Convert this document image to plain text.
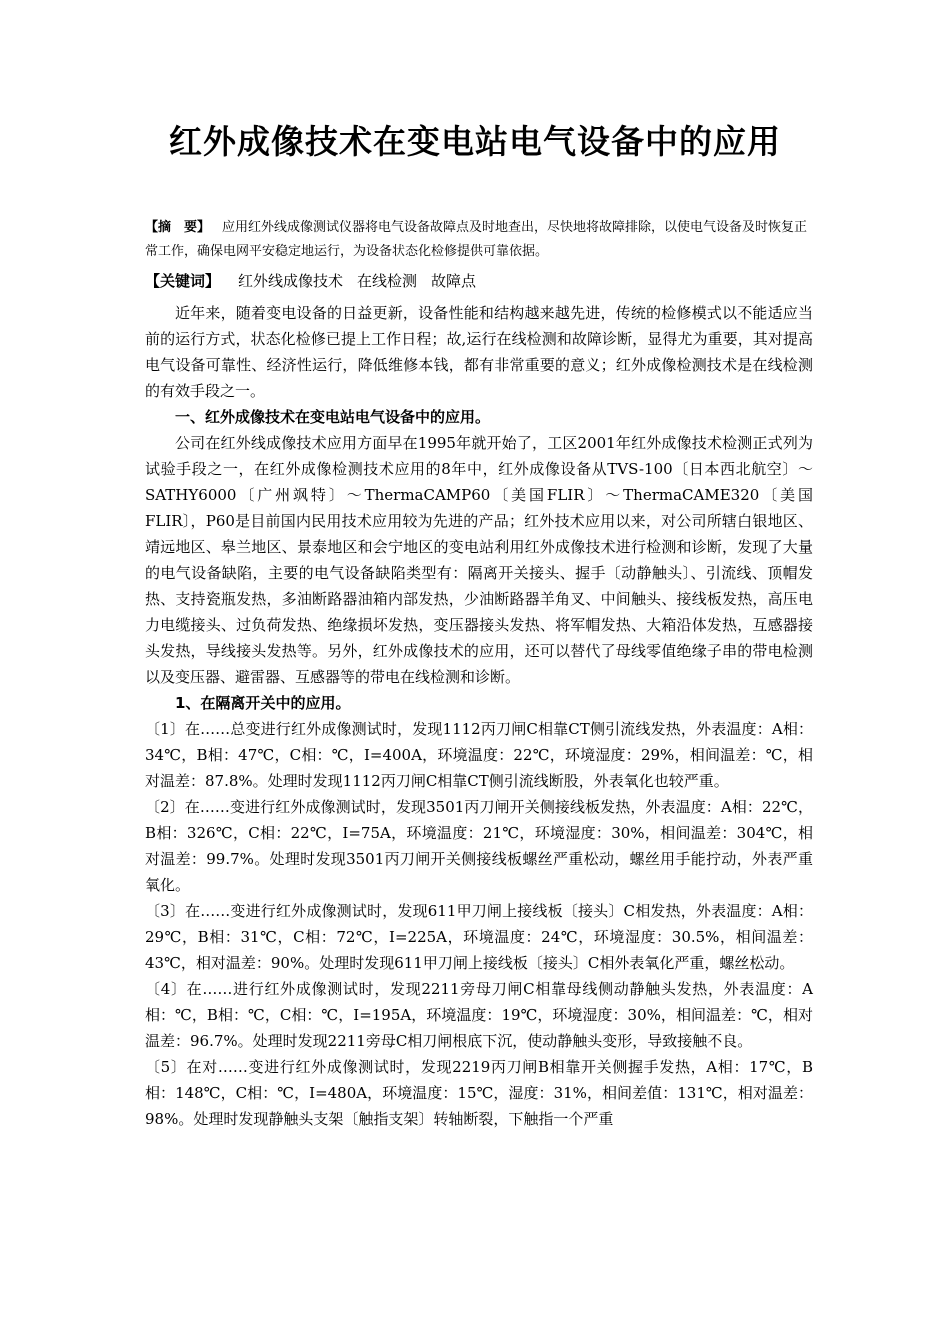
红外成像技术在变电站电气设备中的应用
【摘　要】 应用红外线成像测试仪器将电气设备故障点及时地查出，尽快地将故障排除，以使电气设备及时恢复正常工作，确保电网平安稳定地运行，为设备状态化检修提供可靠依据。
【关键词】 红外线成像技术 在线检测 故障点

近年来，随着变电设备的日益更新，设备性能和结构越来越先进，传统的检修模式以不能适应当前的运行方式，状态化检修已提上工作日程；故,运行在线检测和故障诊断，显得尤为重要，其对提高电气设备可靠性、经济性运行，降低维修本钱，都有非常重要的意义；红外成像检测技术是在线检测的有效手段之一。

一、红外成像技术在变电站电气设备中的应用。

公司在红外线成像技术应用方面早在1995年就开始了，工区2001年红外成像技术检测正式列为试验手段之一，在红外成像检测技术应用的8年中，红外成像设备从TVS-100〔日本西北航空〕～SATHY6000〔广州飒特〕～ThermaCAMP60〔美国FLIR〕～ThermaCAME320〔美国FLIR〕，P60是目前国内民用技术应用较为先进的产品；红外技术应用以来，对公司所辖白银地区、靖远地区、皋兰地区、景泰地区和会宁地区的变电站利用红外成像技术进行检测和诊断，发现了大量的电气设备缺陷，主要的电气设备缺陷类型有：隔离开关接头、握手〔动静触头〕、引流线、顶帽发热、支持瓷瓶发热，多油断路器油箱内部发热，少油断路器羊角叉、中间触头、接线板发热，高压电力电缆接头、过负荷发热、绝缘损坏发热，变压器接头发热、将军帽发热、大箱沿体发热，互感器接头发热，导线接头发热等。另外，红外成像技术的应用，还可以替代了母线零值绝缘子串的带电检测以及变压器、避雷器、互感器等的带电在线检测和诊断。

1、在隔离开关中的应用。

〔1〕在……总变进行红外成像测试时，发现1112丙刀闸C相靠CT侧引流线发热，外表温度：A相：34℃，B相：47℃，C相：℃，I=400A，环境温度：22℃，环境湿度：29%，相间温差：℃，相对温差：87.8%。处理时发现1112丙刀闸C相靠CT侧引流线断股，外表氧化也较严重。

〔2〕在……变进行红外成像测试时，发现3501丙刀闸开关侧接线板发热，外表温度：A相：22℃，B相：326℃，C相：22℃，I=75A，环境温度：21℃，环境湿度：30%，相间温差：304℃，相对温差：99.7%。处理时发现3501丙刀闸开关侧接线板螺丝严重松动，螺丝用手能拧动，外表严重氧化。

〔3〕在……变进行红外成像测试时，发现611甲刀闸上接线板〔接头〕C相发热，外表温度：A相：29℃，B相：31℃，C相：72℃，I=225A，环境温度：24℃，环境湿度：30.5%，相间温差：43℃，相对温差：90%。处理时发现611甲刀闸上接线板〔接头〕C相外表氧化严重，螺丝松动。

〔4〕在……进行红外成像测试时，发现2211旁母刀闸C相靠母线侧动静触头发热，外表温度：A相：℃，B相：℃，C相：℃，I=195A，环境温度：19℃，环境湿度：30%，相间温差：℃，相对温差：96.7%。处理时发现2211旁母C相刀闸根底下沉，使动静触头变形，导致接触不良。

〔5〕在对……变进行红外成像测试时，发现2219丙刀闸B相靠开关侧握手发热，A相：17℃，B相：148℃，C相：℃，I=480A，环境温度：15℃，湿度：31%，相间差值：131℃，相对温差：98%。处理时发现静触头支架〔触指支架〕转轴断裂，下触指一个严重
